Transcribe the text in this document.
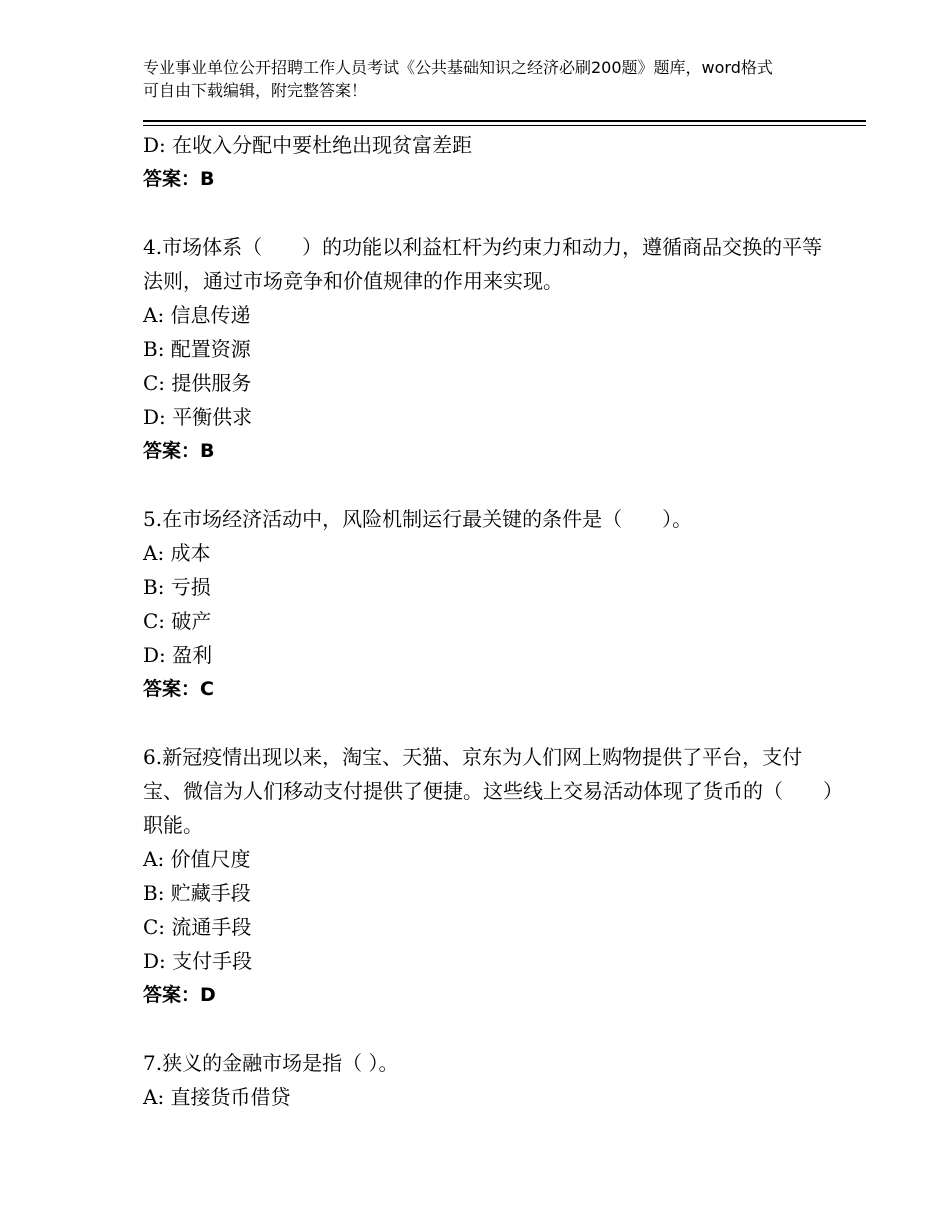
专业事业单位公开招聘工作人员考试《公共基础知识之经济必刷200题》题库，word格式可自由下载编辑，附完整答案！
D: 在收入分配中要杜绝出现贫富差距
答案：B
4.市场体系（　　）的功能以利益杠杆为约束力和动力，遵循商品交换的平等法则，通过市场竞争和价值规律的作用来实现。
A: 信息传递
B: 配置资源
C: 提供服务
D: 平衡供求
答案：B
5.在市场经济活动中，风险机制运行最关键的条件是（　　）。
A: 成本
B: 亏损
C: 破产
D: 盈利
答案：C
6.新冠疫情出现以来，淘宝、天猫、京东为人们网上购物提供了平台，支付宝、微信为人们移动支付提供了便捷。这些线上交易活动体现了货币的（　　）职能。
A: 价值尺度
B: 贮藏手段
C: 流通手段
D: 支付手段
答案：D
7.狭义的金融市场是指（ ）。
A: 直接货币借贷
